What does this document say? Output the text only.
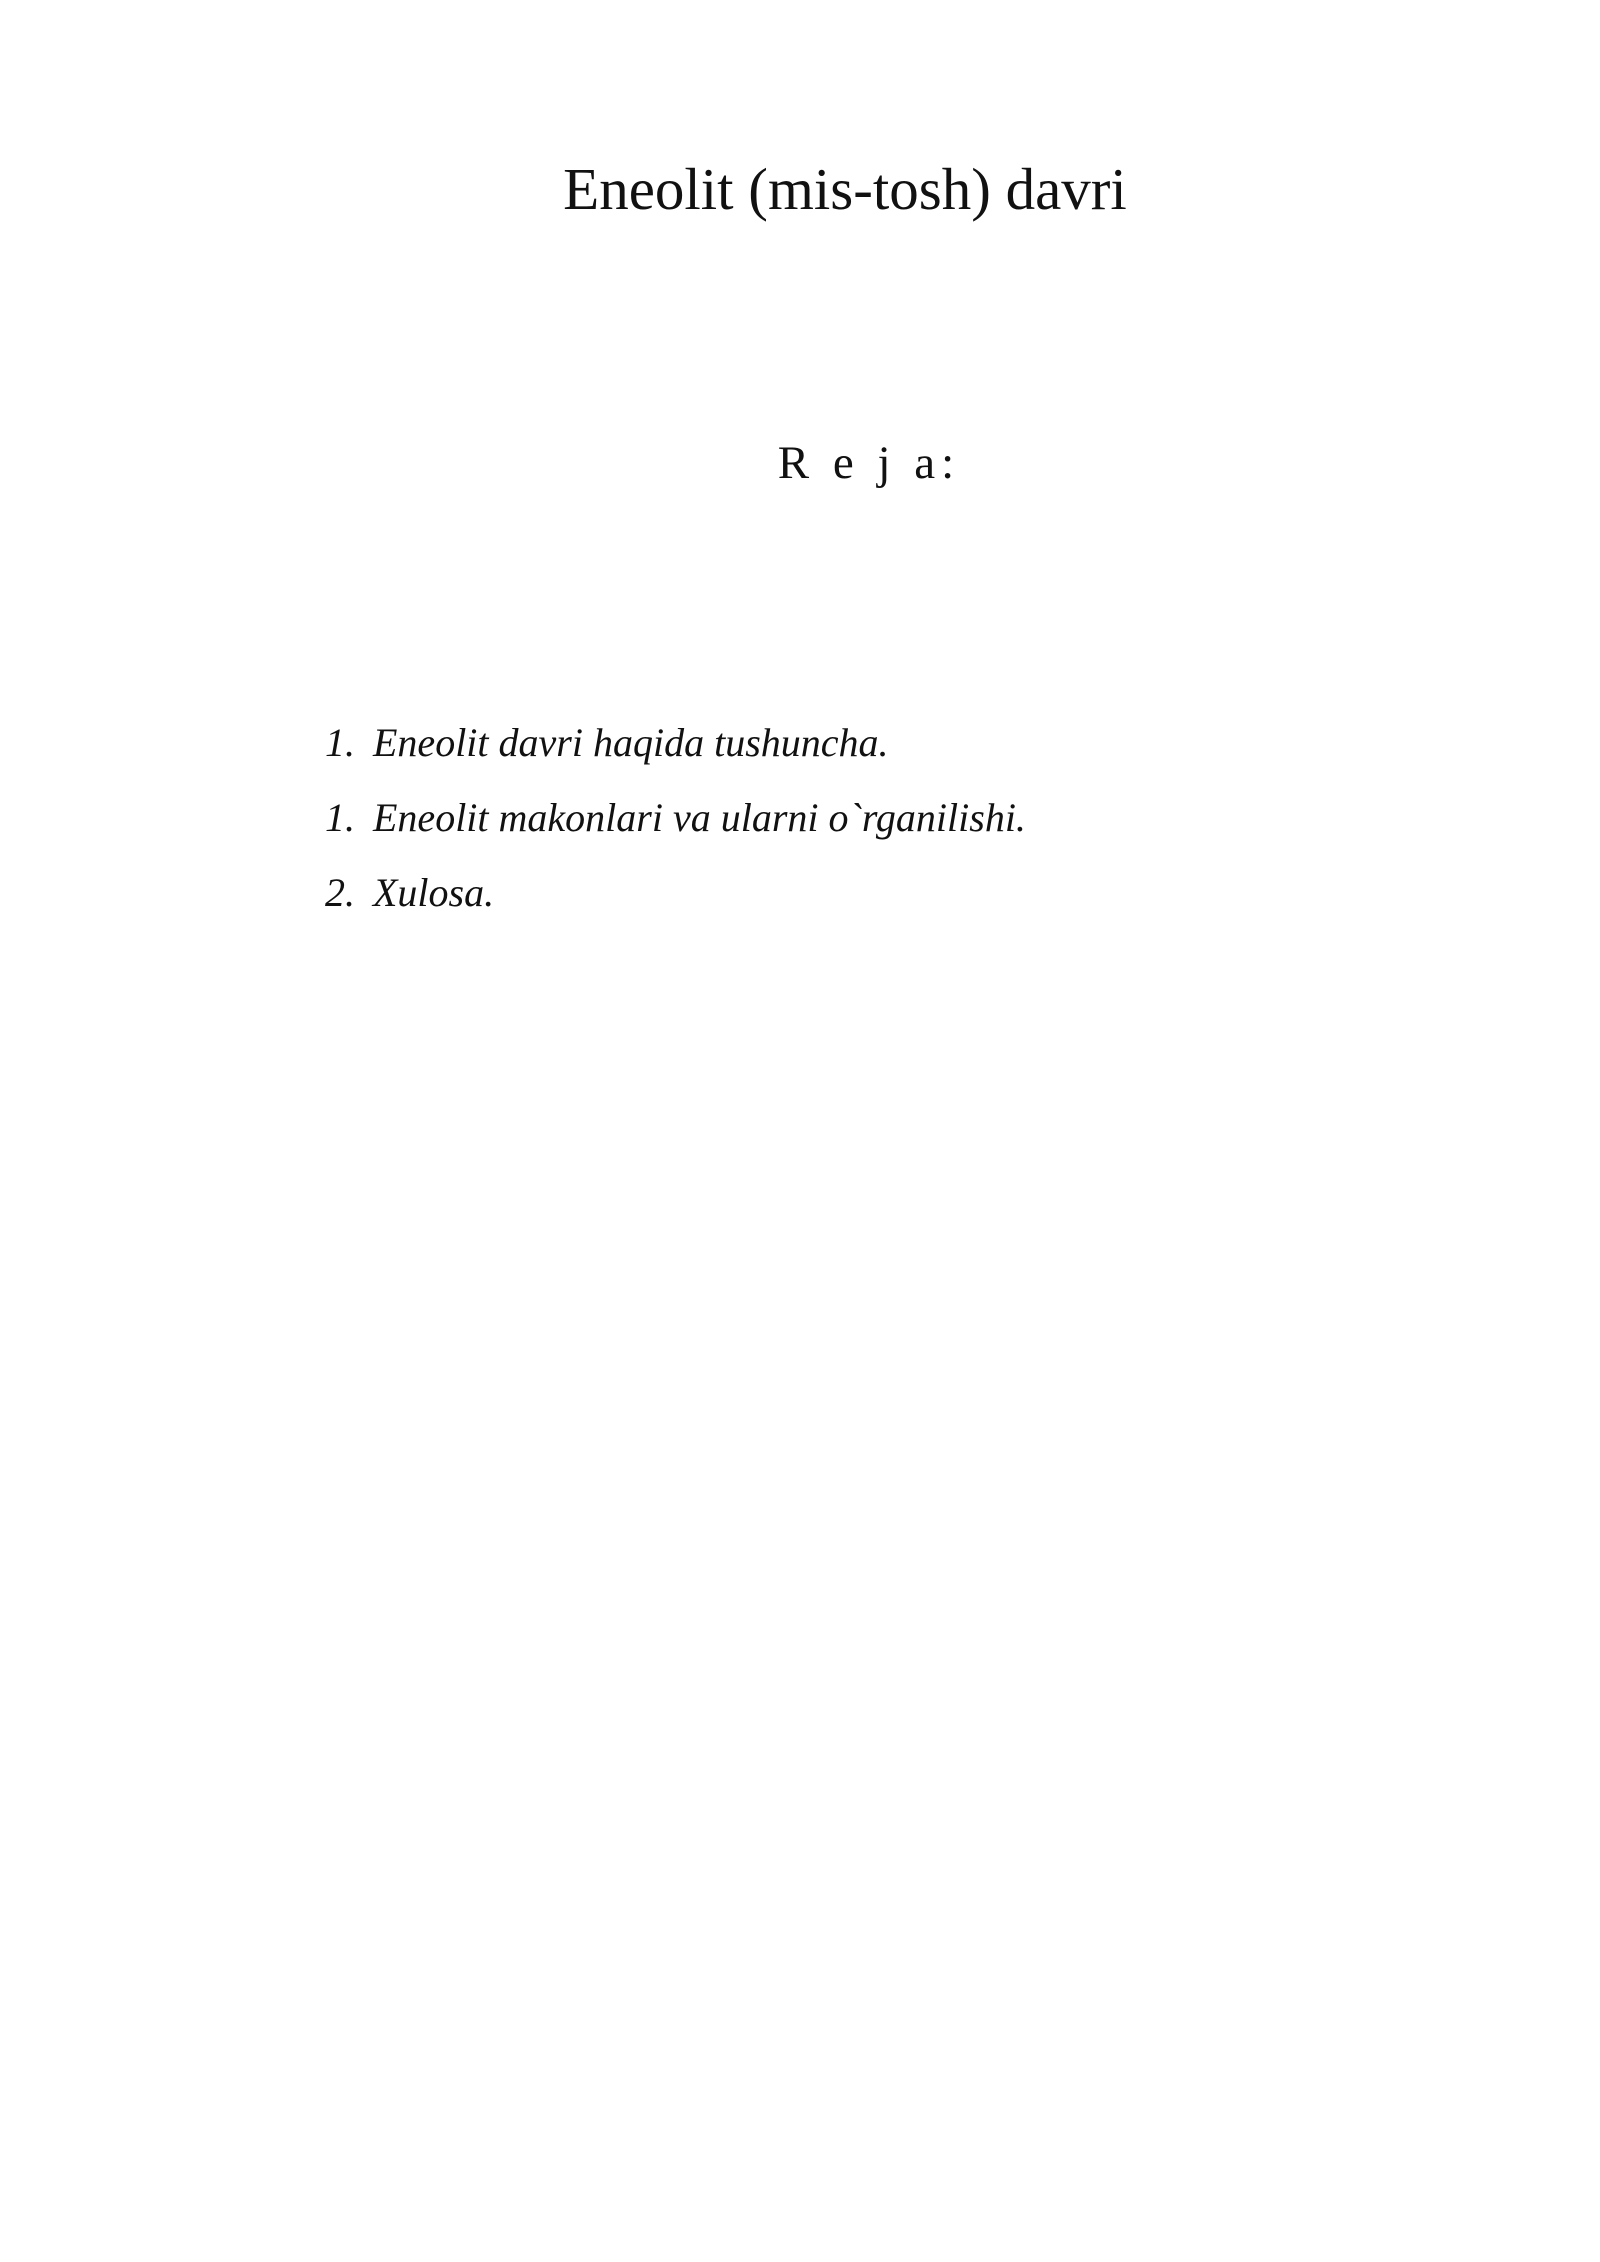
Eneolit (mis-tosh) davri

R e j a:

1. Eneolit davri haqida tushuncha.
1. Eneolit makonlari va ularni o`rganilishi.
2. Xulosa.
